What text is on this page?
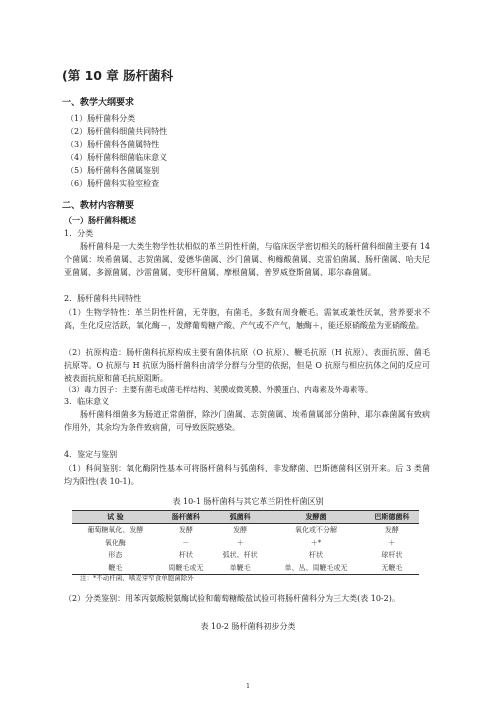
(第 10 章 肠杆菌科
一、教学大纲要求
（1）肠杆菌科分类
（2）肠杆菌科细菌共同特性
（3）肠杆菌科各菌属特性
（4）肠杆菌科细菌临床意义
（5）肠杆菌科各菌属鉴别
（6）肠杆菌科实验室检查
二、教材内容精要
（一）肠杆菌科概述
1．分类
肠杆菌科是一大类生物学性状相似的革兰阴性杆菌，与临床医学密切相关的肠杆菌科细菌主要有 14 个菌属：埃希菌属、志贺菌属、爱德华菌属、沙门菌属、枸橼酸菌属、克雷伯菌属、肠杆菌属、哈夫尼亚菌属、多源菌属、沙雷菌属、变形杆菌属、摩根菌属、普罗威登斯菌属、耶尔森菌属。
2．肠杆菌科共同特性
（1）生物学特性：革兰阴性杆菌，无芽胞，有菌毛，多数有周身鞭毛。需氧或兼性厌氧，营养要求不高，生化反应活跃，氧化酶－，发酵葡萄糖产酸、产气或不产气，触酶＋，能还原硝酸盐为亚硝酸盐。
（2）抗原构造：肠杆菌科抗原构成主要有菌体抗原（O 抗原）、鞭毛抗原（H 抗原）、表面抗原、菌毛抗原等。O 抗原与 H 抗原为肠杆菌科由清学分群与分型的依据，但是 O 抗原与相应抗体之间的反应可被表面抗原和菌毛抗原阻断。
（3）毒力因子：主要有菌毛或菌毛样结构、荚膜或微荚膜、外膜蛋白、内毒素及外毒素等。
3．临床意义
试 验	肠杆菌科	弧菌科	发酵菌	巴斯德菌科
葡萄糖氧化、发酵	发酵	发酵	氧化或不分解	发酵
氧化酶	－	＋	＋*	＋
形态	杆状	弧状、杆状	杆状	球杆状
鞭毛	周鞭毛或无	单鞭毛	单、丛、周鞭毛或无	无鞭毛
注：*不动杆菌、嗜麦芽窄食单胞菌除外
（2）分类鉴别：用苯丙氨酸脱氨酶试验和葡萄糖酸盐试验可将肠杆菌科分为三大类(表 10-2)。
表 10-2 肠杆菌科初步分类
1
肠杆菌科细菌多为肠道正常菌群，除沙门菌属、志贺菌属、埃希菌属部分菌种、耶尔森菌属有致病作用外，其余均为条件致病菌，可导致医院感染。
4．鉴定与鉴别
（1）科间鉴别：氧化酶阴性基本可将肠杆菌科与弧菌科、非发酵菌、巴斯德菌科区别开来。后 3 类菌均为阳性(表 10-1)。
表 10-1 肠杆菌科与其它革兰阴性杆菌区别
